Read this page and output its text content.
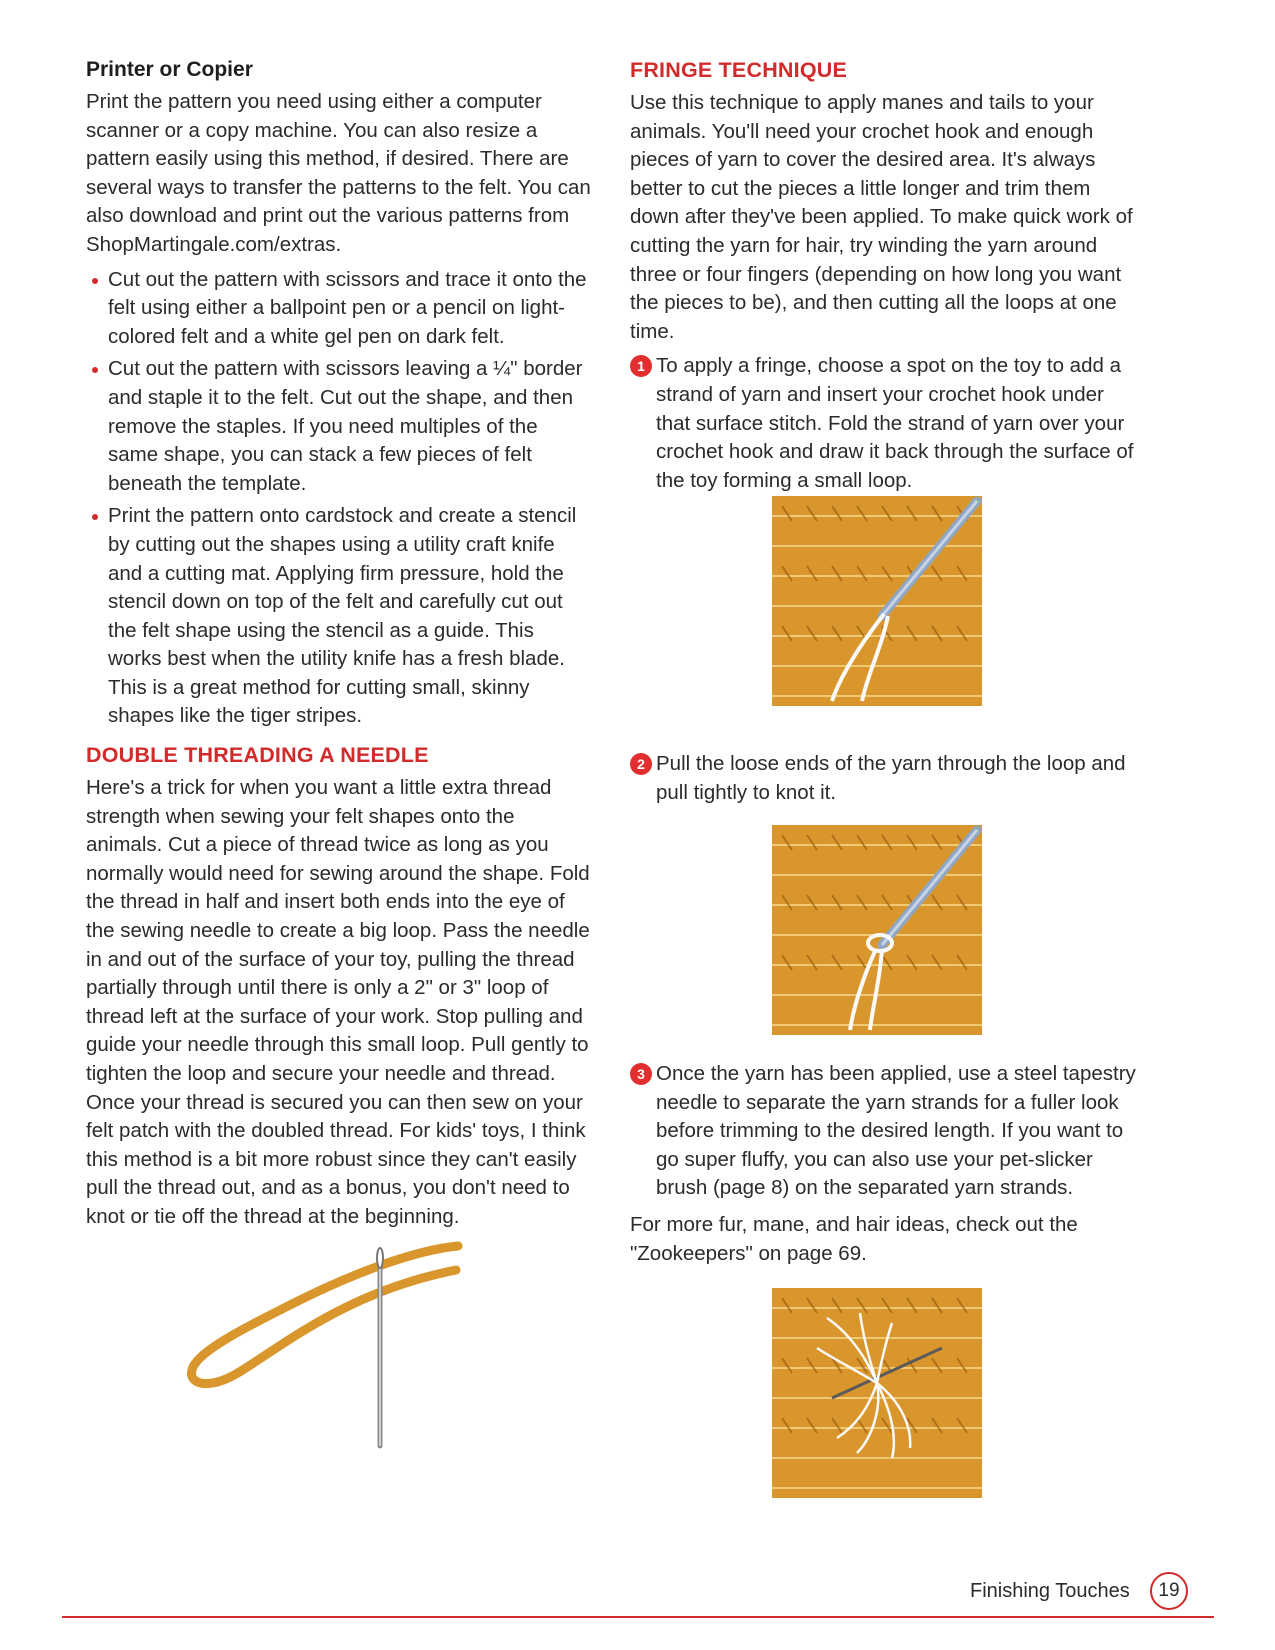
Printer or Copier

Print the pattern you need using either a computer scanner or a copy machine. You can also resize a pattern easily using this method, if desired. There are several ways to transfer the patterns to the felt. You can also download and print out the various patterns from ShopMartingale.com/extras.

Cut out the pattern with scissors and trace it onto the felt using either a ballpoint pen or a pencil on light-colored felt and a white gel pen on dark felt.
Cut out the pattern with scissors leaving a ¼" border and staple it to the felt. Cut out the shape, and then remove the staples. If you need multiples of the same shape, you can stack a few pieces of felt beneath the template.
Print the pattern onto cardstock and create a stencil by cutting out the shapes using a utility craft knife and a cutting mat. Applying firm pressure, hold the stencil down on top of the felt and carefully cut out the felt shape using the stencil as a guide. This works best when the utility knife has a fresh blade. This is a great method for cutting small, skinny shapes like the tiger stripes.
DOUBLE THREADING A NEEDLE

Here's a trick for when you want a little extra thread strength when sewing your felt shapes onto the animals. Cut a piece of thread twice as long as you normally would need for sewing around the shape. Fold the thread in half and insert both ends into the eye of the sewing needle to create a big loop. Pass the needle in and out of the surface of your toy, pulling the thread partially through until there is only a 2" or 3" loop of thread left at the surface of your work. Stop pulling and guide your needle through this small loop. Pull gently to tighten the loop and secure your needle and thread. Once your thread is secured you can then sew on your felt patch with the doubled thread. For kids' toys, I think this method is a bit more robust since they can't easily pull the thread out, and as a bonus, you don't need to knot or tie off the thread at the beginning.

FRINGE TECHNIQUE

Use this technique to apply manes and tails to your animals. You'll need your crochet hook and enough pieces of yarn to cover the desired area. It's always better to cut the pieces a little longer and trim them down after they've been applied. To make quick work of cutting the yarn for hair, try winding the yarn around three or four fingers (depending on how long you want the pieces to be), and then cutting all the loops at one time.

1 To apply a fringe, choose a spot on the toy to add a strand of yarn and insert your crochet hook under that surface stitch. Fold the strand of yarn over your crochet hook and draw it back through the surface of the toy forming a small loop.

2 Pull the loose ends of the yarn through the loop and pull tightly to knot it.

3 Once the yarn has been applied, use a steel tapestry needle to separate the yarn strands for a fuller look before trimming to the desired length. If you want to go super fluffy, you can also use your pet-slicker brush (page 8) on the separated yarn strands.

For more fur, mane, and hair ideas, check out the "Zookeepers" on page 69.

Finishing Touches	19
